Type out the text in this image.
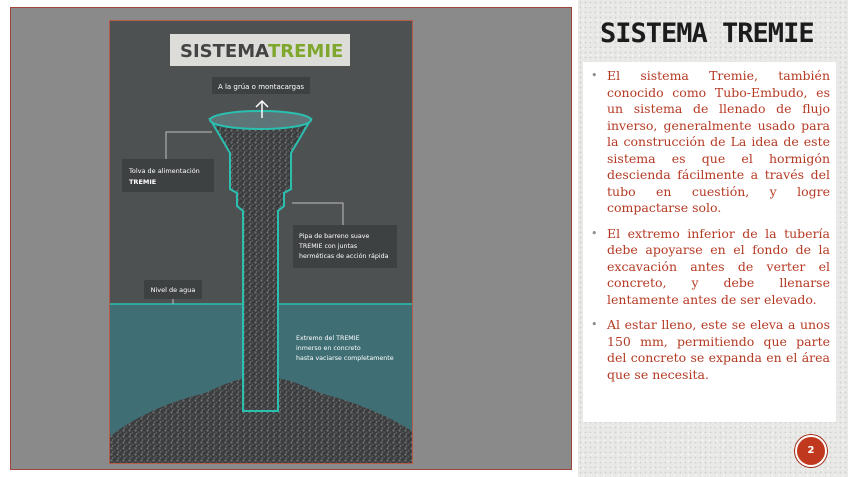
SISTEMA
TREMIE
A la grúa o montacargas
Tolva de alimentación
TREMIE
Pipa de barreno suave
TREMIE con juntas
herméticas de acción rápida
Nivel de agua
Extremo del TREMIE
inmerso en concreto
hasta vaciarse completamente
SISTEMA TREMIE
• El sistema Tremie, también conocido como Tubo-Embudo, es un sistema de llenado de flujo inverso, generalmente usado para la construcción de La idea de este sistema es que el hormigón descienda fácilmente a través del tubo en cuestión, y logre compactarse solo.
• El extremo inferior de la tubería debe apoyarse en el fondo de la excavación antes de verter el concreto, y debe llenarse lentamente antes de ser elevado.
• Al estar lleno, este se eleva a unos 150 mm, permitiendo que parte del concreto se expanda en el área que se necesita.
2
